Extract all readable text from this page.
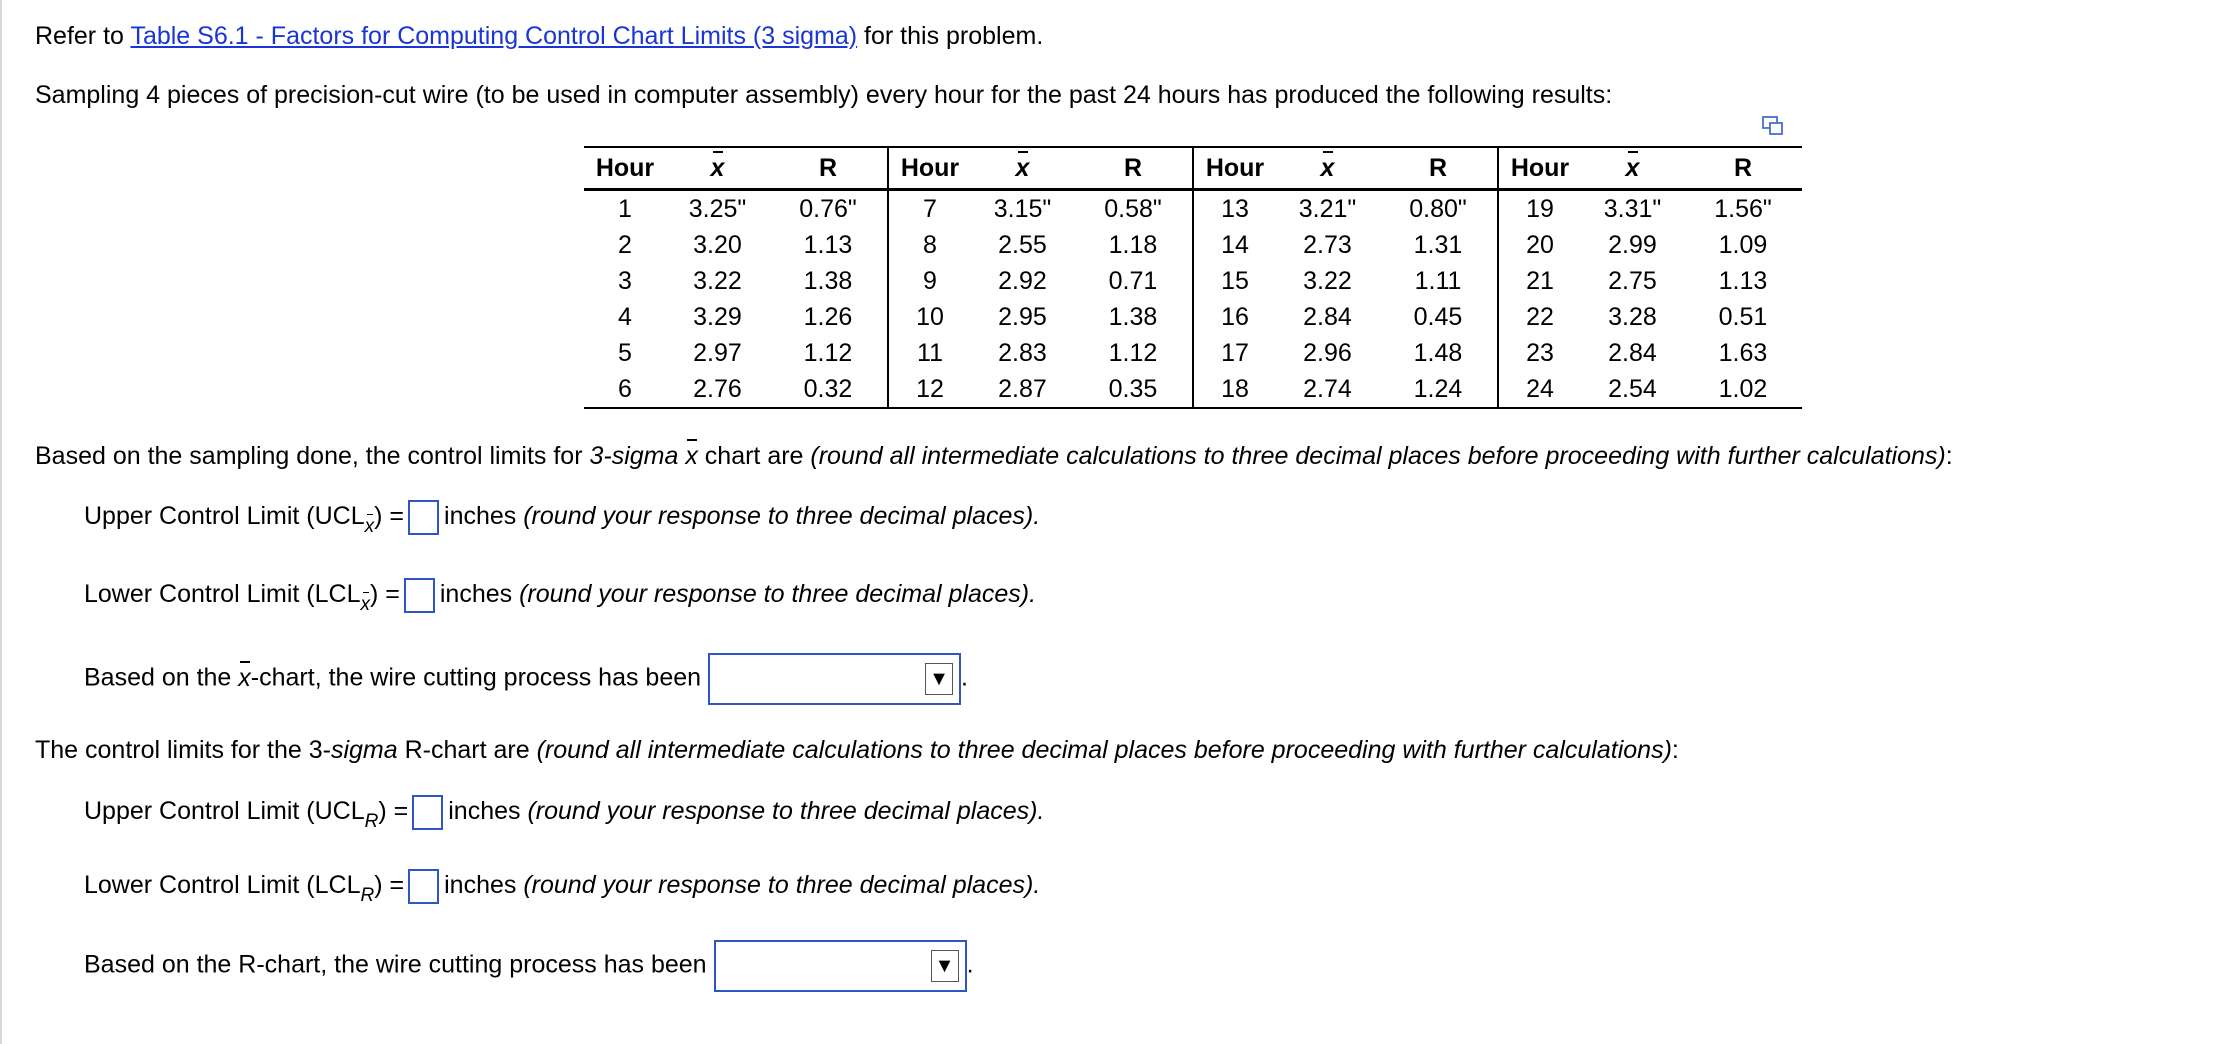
Refer to Table S6.1 - Factors for Computing Control Chart Limits (3 sigma) for this problem.
Sampling 4 pieces of precision-cut wire (to be used in computer assembly) every hour for the past 24 hours has produced the following results:
Hour	x	R	Hour	x	R	Hour	x	R	Hour	x	R
1	3.25"	0.76"	7	3.15"	0.58"	13	3.21"	0.80"	19	3.31"	1.56"
2	3.20	1.13	8	2.55	1.18	14	2.73	1.31	20	2.99	1.09
3	3.22	1.38	9	2.92	0.71	15	3.22	1.11	21	2.75	1.13
4	3.29	1.26	10	2.95	1.38	16	2.84	0.45	22	3.28	0.51
5	2.97	1.12	11	2.83	1.12	17	2.96	1.48	23	2.84	1.63
6	2.76	0.32	12	2.87	0.35	18	2.74	1.24	24	2.54	1.02
Based on the sampling done, the control limits for 3-sigma x chart are (round all intermediate calculations to three decimal places before proceeding with further calculations):
Upper Control Limit $(UCL_x)$ = inches (round your response to three decimal places).
Lower Control Limit $(LCL_x)$ = inches (round your response to three decimal places).
Based on the x-chart, the wire cutting process has been	▼ .
The control limits for the 3-sigma R-chart are (round all intermediate calculations to three decimal places before proceeding with further calculations):
Upper Control Limit $(UCL_R)$ = inches (round your response to three decimal places).
Lower Control Limit $(LCL_R)$ = inches (round your response to three decimal places).
Based on the R-chart, the wire cutting process has been	▼ .
